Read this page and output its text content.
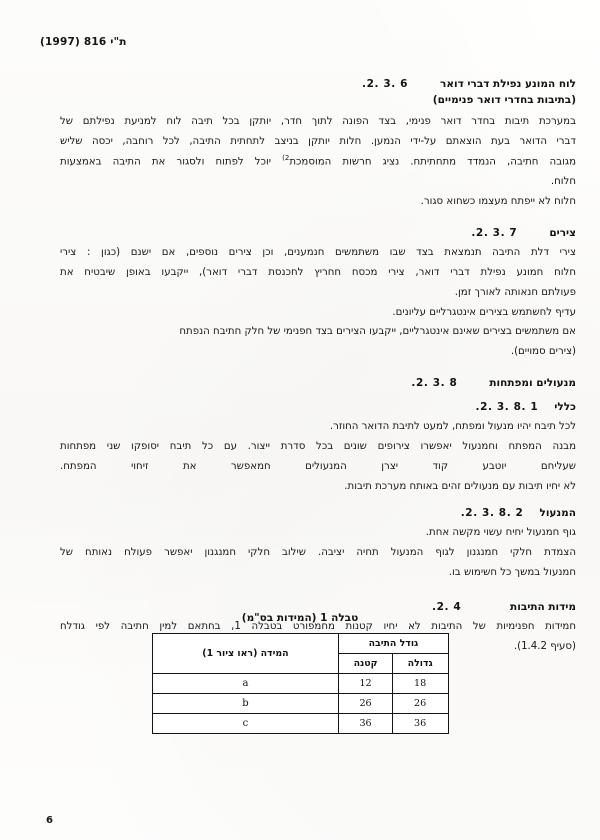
ת"י 816 (1997)
לוח המונע נפילת דברי דואר
.2. 3. 6
(בתיבות בחדרי דואר פנימיים)
במערכת תיבות בחדר דואר פנימי, בצד הפונה לתוך חדר, יותקן בכל תיבה לוח למניעת נפילתם של
דברי הדואר בעת הוצאתם על-ידי הנמען. חלות יותקן בניצב לתחתית התיבה, לכל רוחבה, יכסה שליש
מגובה חתיבה, הנמדד מתחתיתח. נציג חרשות המוסמכת$^{2)}$ יוכל לפתוח ולסגור את התיבה באמצעות
חלוח.
חלוח לא ייפתח מעצמו כשחוא סגור.
צירים
.2. 3. 7
צירי דלת התיבה תנמצאת בצד שבו משתמשים חנמענים, וכן צירים נוספים, אם ישנם (כגון : צירי
חלוח חמונע נפילת דברי דואר, צירי מכסח חחריץ לחכנסת דברי דואר), ייקבעו באופן שיבטיח את
פעולתם חנאותה לאורך זמן.
עדיף לחשתמש בצירים אינטגרליים עליונים.
אם משתמשים בצירים שאינם אינטגרליים, ייקבעו הצירים בצד חפנימי של חלק חתיבח הנפתח
(צירים סמויים).
מנעולים ומפתחות
.2. 3. 8
כללי
.2. 3. 8. 1
לכל תיבח יהיו מנעול ומפתח, למעט לתיבת הדואר החוזר.
מבנה המפתח וחמנעול יאפשרו צירופים שונים בכל סדרת ייצור. עם כל תיבח יסופקו שני מפתחות
שעליחם יוטבע קוד יצרן המנעולים חמאפשר את זיחוי המפתח.
לא יחיו תיבות עם מנעולים זהים באותח מערכת תיבות.
המנעול
.2. 3. 8. 2
גוף חמנעול יחיח עשוי מקשה אחת.
הצמדת חלקי חמנגנון לגוף המנעול תחיה יציבה. שילוב חלקי חמנגנון יאפשר פעולח נאותח של
חמנעול במשך כל חשימוש בו.
מידות התיבות
.2. 4
חמידות חפנימיות של התיבות לא יחיו קטנות מחמפורט בטבלה 1, בחתאם למין חתיבה לפי גודלח
(סעיף 1.4.2).
טבלה 1 (המידות בס"מ)
גודל התיבה		המידה (ראו ציור 1)
גדולה	קטנה	
18	12	a
26	26	b
36	36	c
6
